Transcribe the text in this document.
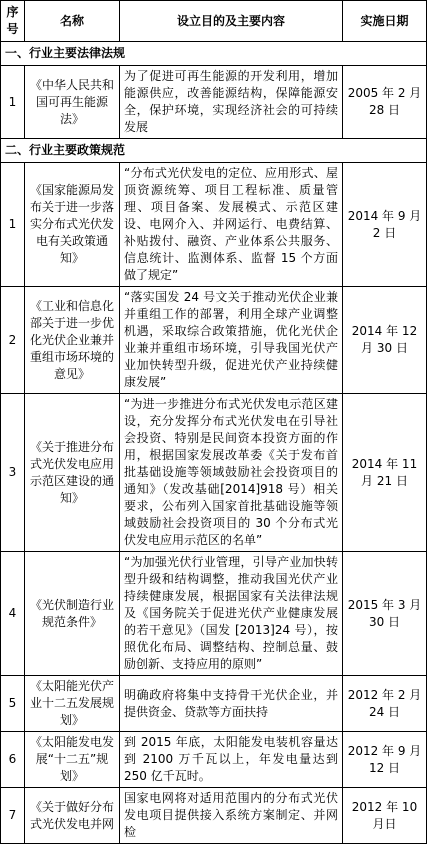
序号	名称	设立目的及主要内容	实施日期
一、行业主要法律法规			
1	《中华人民共和国可再生能源法》	为了促进可再生能源的开发利用，增加能源供应，改善能源结构，保障能源安全，保护环境，实现经济社会的可持续发展	2005 年 2 月 28 日
二、行业主要政策规范			
1	《国家能源局发布关于进一步落实分布式光伏发电有关政策通知》	“分布式光伏发电的定位、应用形式、屋顶资源统筹、项目工程标准、质量管理、项目备案、发展模式、示范区建设、电网介入、并网运行、电费结算、补贴拨付、融资、产业体系公共服务、信息统计、监测体系、监督 15 个方面做了规定”	2014 年 9 月 2 日
2	《工业和信息化部关于进一步优化光伏企业兼并重组市场环境的意见》	“落实国发 24 号文关于推动光伏企业兼并重组工作的部署，利用全球产业调整机遇，采取综合政策措施，优化光伏企业兼并重组市场环境，引导我国光伏产业加快转型升级，促进光伏产业持续健康发展”	2014 年 12 月 30 日
3	《关于推进分布式光伏发电应用示范区建设的通知》	“为进一步推进分布式光伏发电示范区建设，充分发挥分布式光伏发电在引导社会投资、特别是民间资本投资方面的作用，根据国家发展改革委《关于发布首批基础设施等领域鼓励社会投资项目的通知》（发改基础[2014]918 号）相关要求，公布列入国家首批基础设施等领域鼓励社会投资项目的 30 个分布式光伏发电应用示范区的名单”	2014 年 11 月 21 日
4	《光伏制造行业规范条件》	“为加强光伏行业管理，引导产业加快转型升级和结构调整，推动我国光伏产业持续健康发展，根据国家有关法律法规及《国务院关于促进光伏产业健康发展的若干意见》（国发 [2013]24 号），按照优化布局、调整结构、控制总量、鼓励创新、支持应用的原则”	2015 年 3 月 30 日
5	《太阳能光伏产业十二五发展规划》	明确政府将集中支持骨干光伏企业，并提供资金、贷款等方面扶持	2012 年 2 月 24 日
6	《太阳能发电发展“十二五”规划》	到 2015 年底，太阳能发电装机容量达到 2100 万千瓦以上，年发电量达到 250 亿千瓦时。	2012 年 9 月 12 日
7	《关于做好分布式光伏发电并网	国家电网将对适用范围内的分布式光伏发电项目提供接入系统方案制定、并网检	2012 年 10 月日
